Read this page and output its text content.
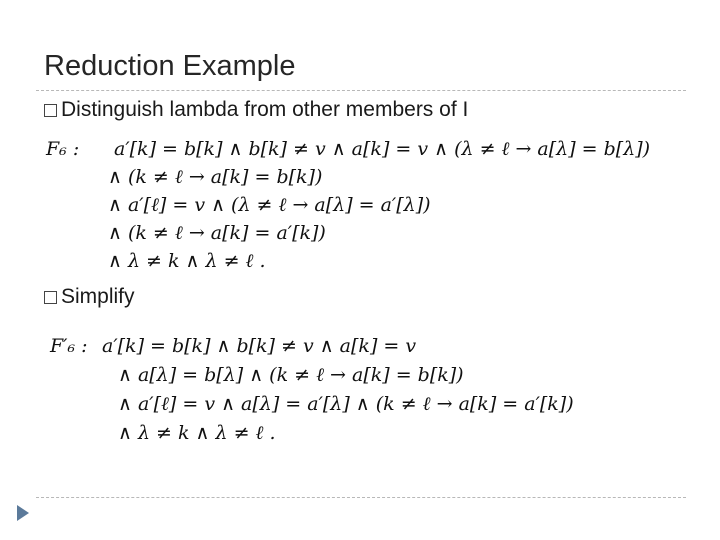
Reduction Example
Distinguish lambda from other members of I
F₆ : a′[k] = b[k] ∧ b[k] ≠ v ∧ a[k] = v ∧ (λ ≠ ℓ → a[λ] = b[λ])
∧ (k ≠ ℓ → a[k] = b[k])
∧ a′[ℓ] = v ∧ (λ ≠ ℓ → a[λ] = a′[λ])
∧ (k ≠ ℓ → a[k] = a′[k])
∧ λ ≠ k ∧ λ ≠ ℓ .
Simplify
F′₆ : a′[k] = b[k] ∧ b[k] ≠ v ∧ a[k] = v
∧ a[λ] = b[λ] ∧ (k ≠ ℓ → a[k] = b[k])
∧ a′[ℓ] = v ∧ a[λ] = a′[λ] ∧ (k ≠ ℓ → a[k] = a′[k])
∧ λ ≠ k ∧ λ ≠ ℓ .
